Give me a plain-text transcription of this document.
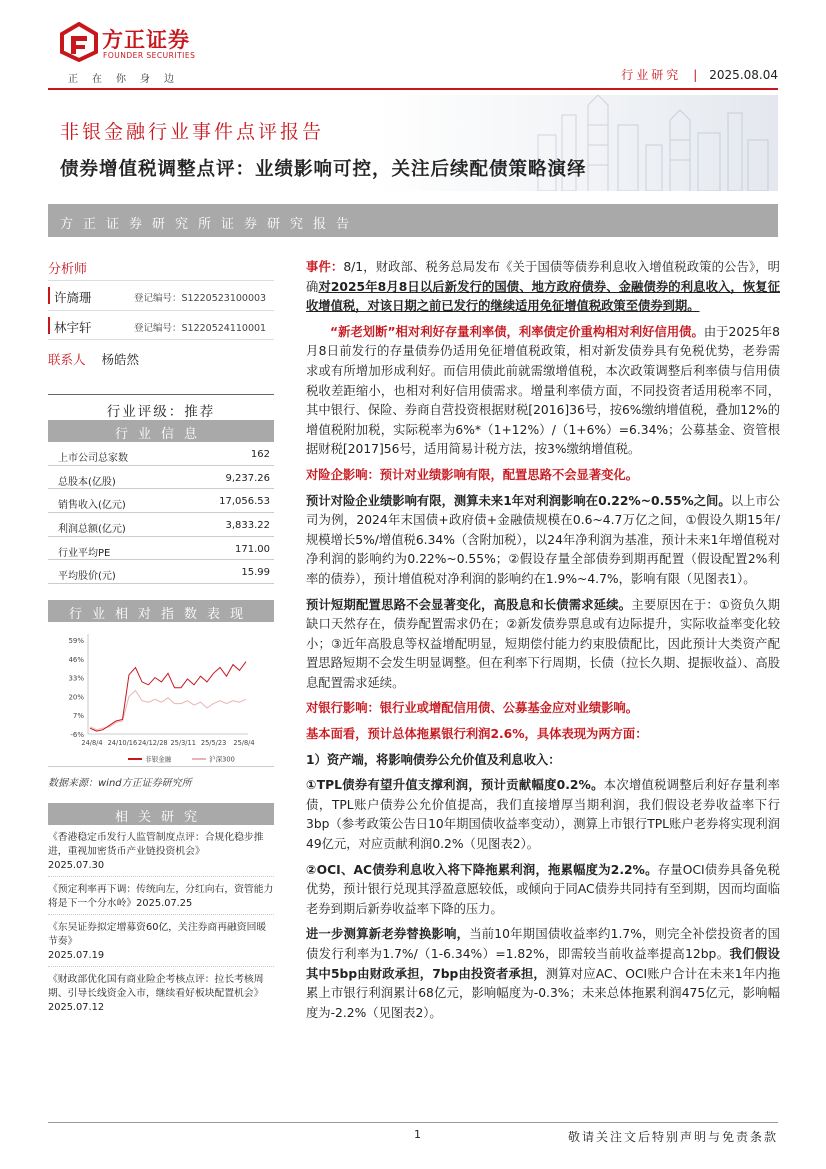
方正证券
FOUNDER SECURITIES
正在你身边	行业研究 | 2025.08.04
非银金融行业事件点评报告
债券增值税调整点评：业绩影响可控，关注后续配债策略演绎
方正证券研究所证券研究报告
分析师
许旖珊	登记编号：S1220523100003
林宇轩	登记编号：S1220524110001
联系人 杨皓然
行业评级：推荐
行业信息
上市公司总家数	162
总股本(亿股)	9,237.26
销售收入(亿元)	17,056.53
利润总额(亿元)	3,833.22
行业平均PE	171.00
平均股价(元)	15.99
行业相对指数表现
59%
46%
33%
20%
7%
-6%
24/8/4 24/10/16 24/12/28 25/3/11 25/5/23 25/8/4
非银金融	沪深300
数据来源：wind方正证券研究所
相关研究
《香港稳定币发行人监管制度点评：合规化稳步推进，重视加密货币产业链投资机会》
2025.07.30
《预定利率再下调：传统向左，分红向右，资管能力将是下一个分水岭》2025.07.25
《东吴证券拟定增募资60亿，关注券商再融资回暖节奏》
2025.07.19
《财政部优化国有商业险企考核点评：拉长考核周期、引导长线资金入市，继续看好板块配置机会》2025.07.12

事件：8/1，财政部、税务总局发布《关于国债等债券利息收入增值税政策的公告》，明确对2025年8月8日以后新发行的国债、地方政府债券、金融债券的利息收入，恢复征收增值税，对该日期之前已发行的继续适用免征增值税政策至债券到期。

“新老划断”相对利好存量利率债，利率债定价重构相对利好信用债。由于2025年8月8日前发行的存量债券仍适用免征增值税政策，相对新发债券具有免税优势，老券需求或有所增加形成利好。而信用债此前就需缴增值税，本次政策调整后利率债与信用债税收差距缩小，也相对利好信用债需求。增量利率债方面，不同投资者适用税率不同，其中银行、保险、券商自营投资根据财税[2016]36号，按6%缴纳增值税，叠加12%的增值税附加税，实际税率为6%*（1+12%）/（1+6%）=6.34%；公募基金、资管根据财税[2017]56号，适用简易计税方法，按3%缴纳增值税。

对险企影响：预计对业绩影响有限，配置思路不会显著变化。

预计对险企业绩影响有限，测算未来1年对利润影响在0.22%~0.55%之间。以上市公司为例，2024年末国债+政府债+金融债规模在0.6~4.7万亿之间，①假设久期15年/规模增长5%/增值税6.34%（含附加税），以24年净利润为基准，预计未来1年增值税对净利润的影响约为0.22%~0.55%；②假设存量全部债券到期再配置（假设配置2%利率的债券），预计增值税对净利润的影响约在1.9%~4.7%，影响有限（见图表1）。

预计短期配置思路不会显著变化，高股息和长债需求延续。主要原因在于：①资负久期缺口天然存在，债券配置需求仍在；②新发债券票息或有边际提升，实际收益率变化较小；③近年高股息等权益增配明显，短期偿付能力约束股债配比，因此预计大类资产配置思路短期不会发生明显调整。但在利率下行周期，长债（拉长久期、提振收益）、高股息配置需求延续。

对银行影响：银行业或增配信用债、公募基金应对业绩影响。

基本面看，预计总体拖累银行利润2.6%，具体表现为两方面：

1）资产端，将影响债券公允价值及利息收入：

①TPL债券有望升值支撑利润，预计贡献幅度0.2%。本次增值税调整后利好存量利率债，TPL账户债券公允价值提高，我们直接增厚当期利润，我们假设老券收益率下行3bp（参考政策公告日10年期国债收益率变动），测算上市银行TPL账户老券将实现利润49亿元，对应贡献利润0.2%（见图表2）。

②OCI、AC债券利息收入将下降拖累利润，拖累幅度为2.2%。存量OCI债券具备免税优势，预计银行兑现其浮盈意愿较低，或倾向于同AC债券共同持有至到期，因而均面临老券到期后新券收益率下降的压力。

进一步测算新老券替换影响，当前10年期国债收益率约1.7%，则完全补偿投资者的国债发行利率为1.7%/（1-6.34%）=1.82%，即需较当前收益率提高12bp。我们假设其中5bp由财政承担，7bp由投资者承担，测算对应AC、OCI账户合计在未来1年内拖累上市银行利润累计68亿元，影响幅度为-0.3%；未来总体拖累利润475亿元，影响幅度为-2.2%（见图表2）。

1	敬请关注文后特别声明与免责条款
